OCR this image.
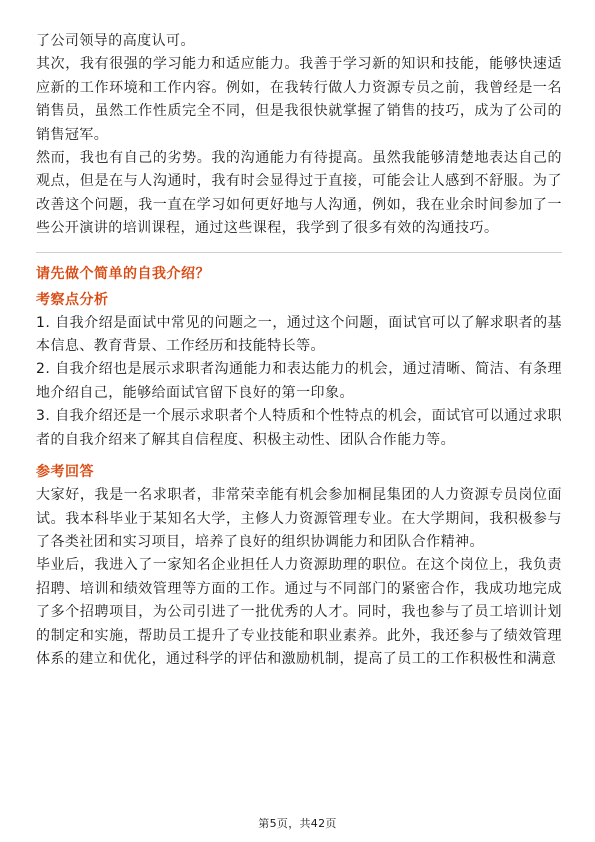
了公司领导的高度认可。

其次，我有很强的学习能力和适应能力。我善于学习新的知识和技能，能够快速适应新的工作环境和工作内容。例如，在我转行做人力资源专员之前，我曾经是一名销售员，虽然工作性质完全不同，但是我很快就掌握了销售的技巧，成为了公司的销售冠军。

然而，我也有自己的劣势。我的沟通能力有待提高。虽然我能够清楚地表达自己的观点，但是在与人沟通时，我有时会显得过于直接，可能会让人感到不舒服。为了改善这个问题，我一直在学习如何更好地与人沟通，例如，我在业余时间参加了一些公开演讲的培训课程，通过这些课程，我学到了很多有效的沟通技巧。

请先做个简单的自我介绍？

考察点分析

1. 自我介绍是面试中常见的问题之一，通过这个问题，面试官可以了解求职者的基本信息、教育背景、工作经历和技能特长等。

2. 自我介绍也是展示求职者沟通能力和表达能力的机会，通过清晰、简洁、有条理地介绍自己，能够给面试官留下良好的第一印象。

3. 自我介绍还是一个展示求职者个人特质和个性特点的机会，面试官可以通过求职者的自我介绍来了解其自信程度、积极主动性、团队合作能力等。

参考回答

大家好，我是一名求职者，非常荣幸能有机会参加桐昆集团的人力资源专员岗位面试。我本科毕业于某知名大学，主修人力资源管理专业。在大学期间，我积极参与了各类社团和实习项目，培养了良好的组织协调能力和团队合作精神。

毕业后，我进入了一家知名企业担任人力资源助理的职位。在这个岗位上，我负责招聘、培训和绩效管理等方面的工作。通过与不同部门的紧密合作，我成功地完成了多个招聘项目，为公司引进了一批优秀的人才。同时，我也参与了员工培训计划的制定和实施，帮助员工提升了专业技能和职业素养。此外，我还参与了绩效管理体系的建立和优化，通过科学的评估和激励机制，提高了员工的工作积极性和满意

第5页，共42页
